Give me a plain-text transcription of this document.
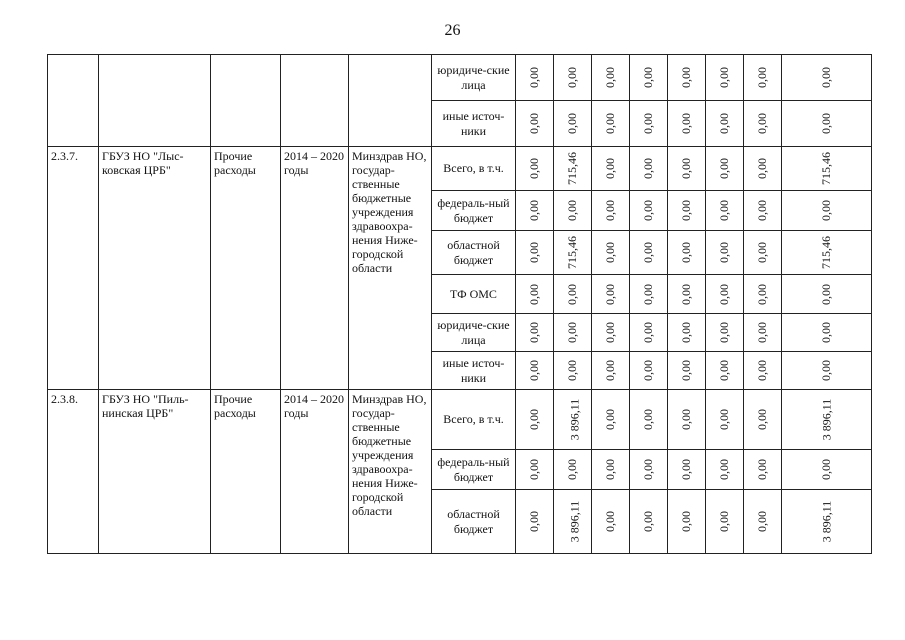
26
					юридиче-ские лица	0,00	0,00	0,00	0,00	0,00	0,00	0,00	0,00
					иные источ-ники	0,00	0,00	0,00	0,00	0,00	0,00	0,00	0,00
2.3.7.	ГБУЗ НО "Лыс-ковская ЦРБ"	Прочие расходы	2014 – 2020 годы	Минздрав НО, государ-ственные бюджетные учреждения здравоохра-нения Ниже-городской области	Всего, в т.ч.	0,00	715,46	0,00	0,00	0,00	0,00	0,00	715,46
					федераль-ный бюджет	0,00	0,00	0,00	0,00	0,00	0,00	0,00	0,00
					областной бюджет	0,00	715,46	0,00	0,00	0,00	0,00	0,00	715,46
					ТФ ОМС	0,00	0,00	0,00	0,00	0,00	0,00	0,00	0,00
					юридиче-ские лица	0,00	0,00	0,00	0,00	0,00	0,00	0,00	0,00
					иные источ-ники	0,00	0,00	0,00	0,00	0,00	0,00	0,00	0,00
2.3.8.	ГБУЗ НО "Пиль-нинская ЦРБ"	Прочие расходы	2014 – 2020 годы	Минздрав НО, государ-ственные бюджетные учреждения здравоохра-нения Ниже-городской области	Всего, в т.ч.	0,00	3 896,11	0,00	0,00	0,00	0,00	0,00	3 896,11
					федераль-ный бюджет	0,00	0,00	0,00	0,00	0,00	0,00	0,00	0,00
					областной бюджет	0,00	3 896,11	0,00	0,00	0,00	0,00	0,00	3 896,11
